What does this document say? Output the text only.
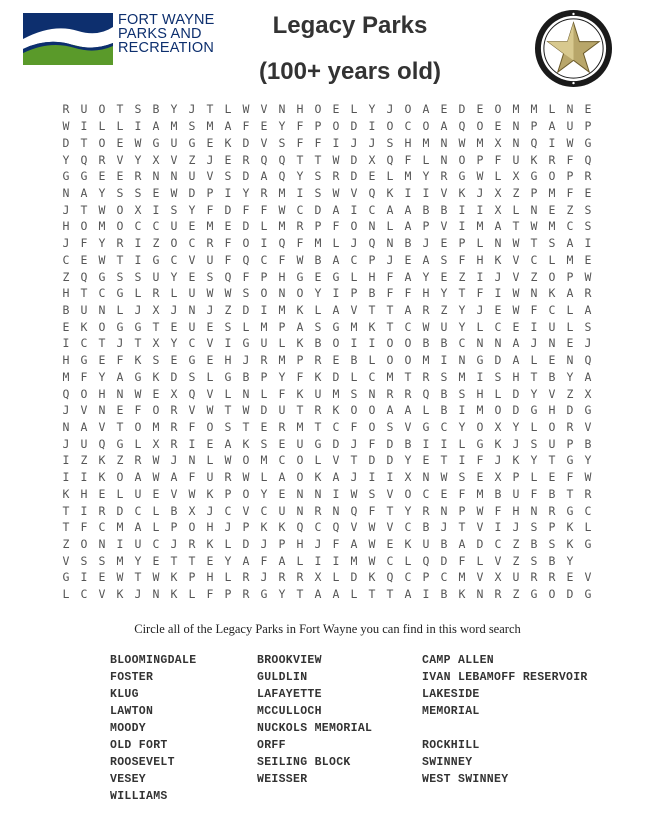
FORT WAYNE
PARKS AND
RECREATION
Legacy Parks
(100+ years old)
R U O T S B Y J T L W V N H O E L Y J O A E D E O M M L N E
W I L L I A M S M A F E Y F P O D I O C O A Q O E N P A U P
D T O E W G U G E K D V S F F I J J S H M N W M X N Q I W G
Y Q R V Y X V Z J E R Q Q T T W D X Q F L N O P F U K R F Q
G G E E R N N U V S D A Q Y S R D E L M Y R G W L X G O P R
N A Y S S E W D P I Y R M I S W V Q K I I V K J X Z P M F E
J T W O X I S Y F D F F W C D A I C A A B B I I X L N E Z S
H O M O C C U E M E D L M R P F O N L A P V I M A T W M C S
J F Y R I Z O C R F O I Q F M L J Q N B J E P L N W T S A I
C E W T I G C V U F Q C F W B A C P J E A S F H K V C L M E
Z Q G S S U Y E S Q F P H G E G L H F A Y E Z I J V Z O P W
H T C G L R L U W W S O N O Y I P B F F H Y T F I W N K A R
B U N L J X J N J Z D I M K L A V T T A R Z Y J E W F C L A
E K O G G T E U E S L M P A S G M K T C W U Y L C E I U L S
I C T J T X Y C V I G U L K B O I I O O B B C N N A J N E J
H G E F K S E G E H J R M P R E B L O O M I N G D A L E N Q
M F Y A G K D S L G B P Y F K D L C M T R S M I S H T B Y A
Q O H N W E X Q V L N L F K U M S N R R Q B S H L D Y V Z X
J V N E F O R V W T W D U T R K O O A A L B I M O D G H D G
N A V T O M R F O S T E R M T C F O S V G C Y O X Y L O R V
J U Q G L X R I E A K S E U G D J F D B I I L G K J S U P B
I Z K Z R W J N L W O M C O L V T D D Y E T I F J K Y T G Y
I I K O A W A F U R W L A O K A J I I X N W S E X P L E F W
K H E L U E V W K P O Y E N N I W S V O C E F M B U F B T R
T I R D C L B X J C V C U N R N Q F T Y R N P W F H N R G C
T F C M A L P O H J P K K Q C Q V W V C B J T V I J S P K L
Z O N I U C J R K L D J P H J F A W E K U B A D C Z B S K G
V S S M Y E T T E Y A F A L I I M W C L Q D F L V Z S B Y
G I E W T W K P H L R J R R X L D K Q C P C M V X U R R E V
L C V K J N K L F P R G Y T A A L T T A I B K N R Z G O D G
Circle all of the Legacy Parks in Fort Wayne you can find in this word search
BLOOMINGDALE
FOSTER
KLUG
LAWTON
MOODY
OLD FORT
ROOSEVELT
VESEY
WILLIAMS
BROOKVIEW
GULDLIN
LAFAYETTE
MCCULLOCH
NUCKOLS MEMORIAL
ORFF
SEILING BLOCK
WEISSER
CAMP ALLEN
IVAN LEBAMOFF RESERVOIR
LAKESIDE
MEMORIAL
ROCKHILL
SWINNEY
WEST SWINNEY
